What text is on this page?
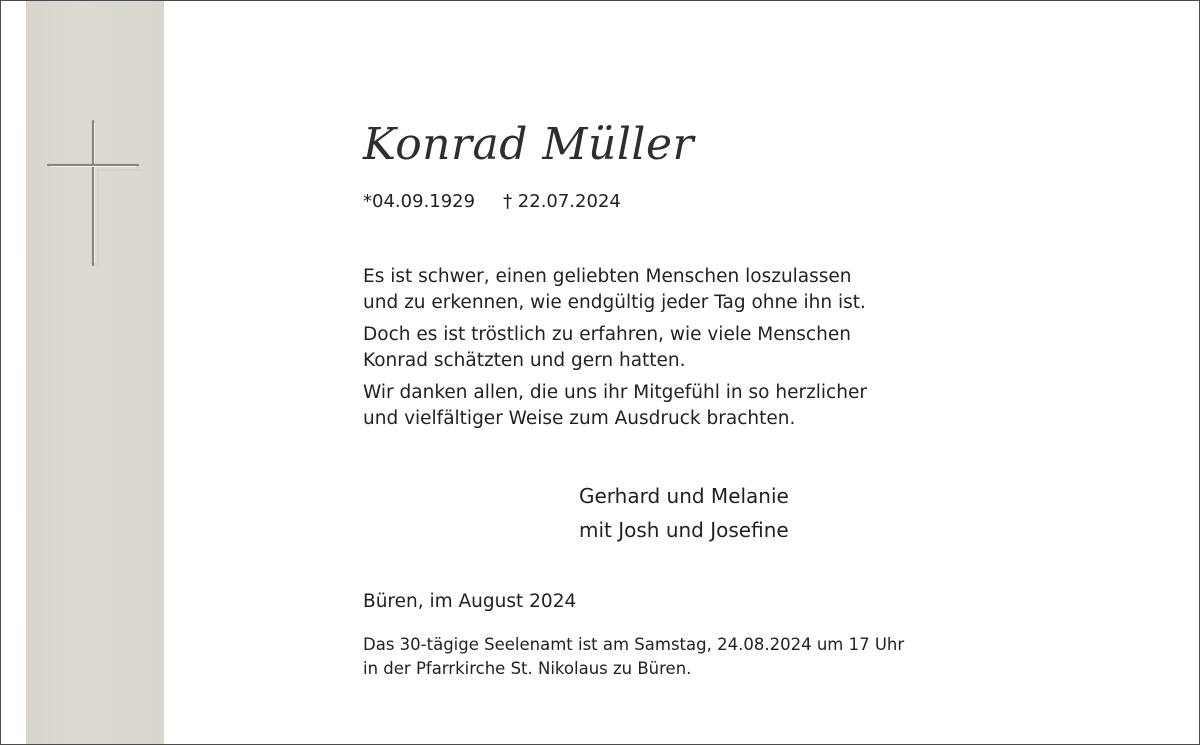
Konrad Müller
*04.09.1929 † 22.07.2024

Es ist schwer, einen geliebten Menschen loszulassen
und zu erkennen, wie endgültig jeder Tag ohne ihn ist.

Doch es ist tröstlich zu erfahren, wie viele Menschen
Konrad schätzten und gern hatten.

Wir danken allen, die uns ihr Mitgefühl in so herzlicher
und vielfältiger Weise zum Ausdruck brachten.

Gerhard und Melanie
mit Josh und Josefine
Büren, im August 2024
Das 30-tägige Seelenamt ist am Samstag, 24.08.2024 um 17 Uhr
in der Pfarrkirche St. Nikolaus zu Büren.
